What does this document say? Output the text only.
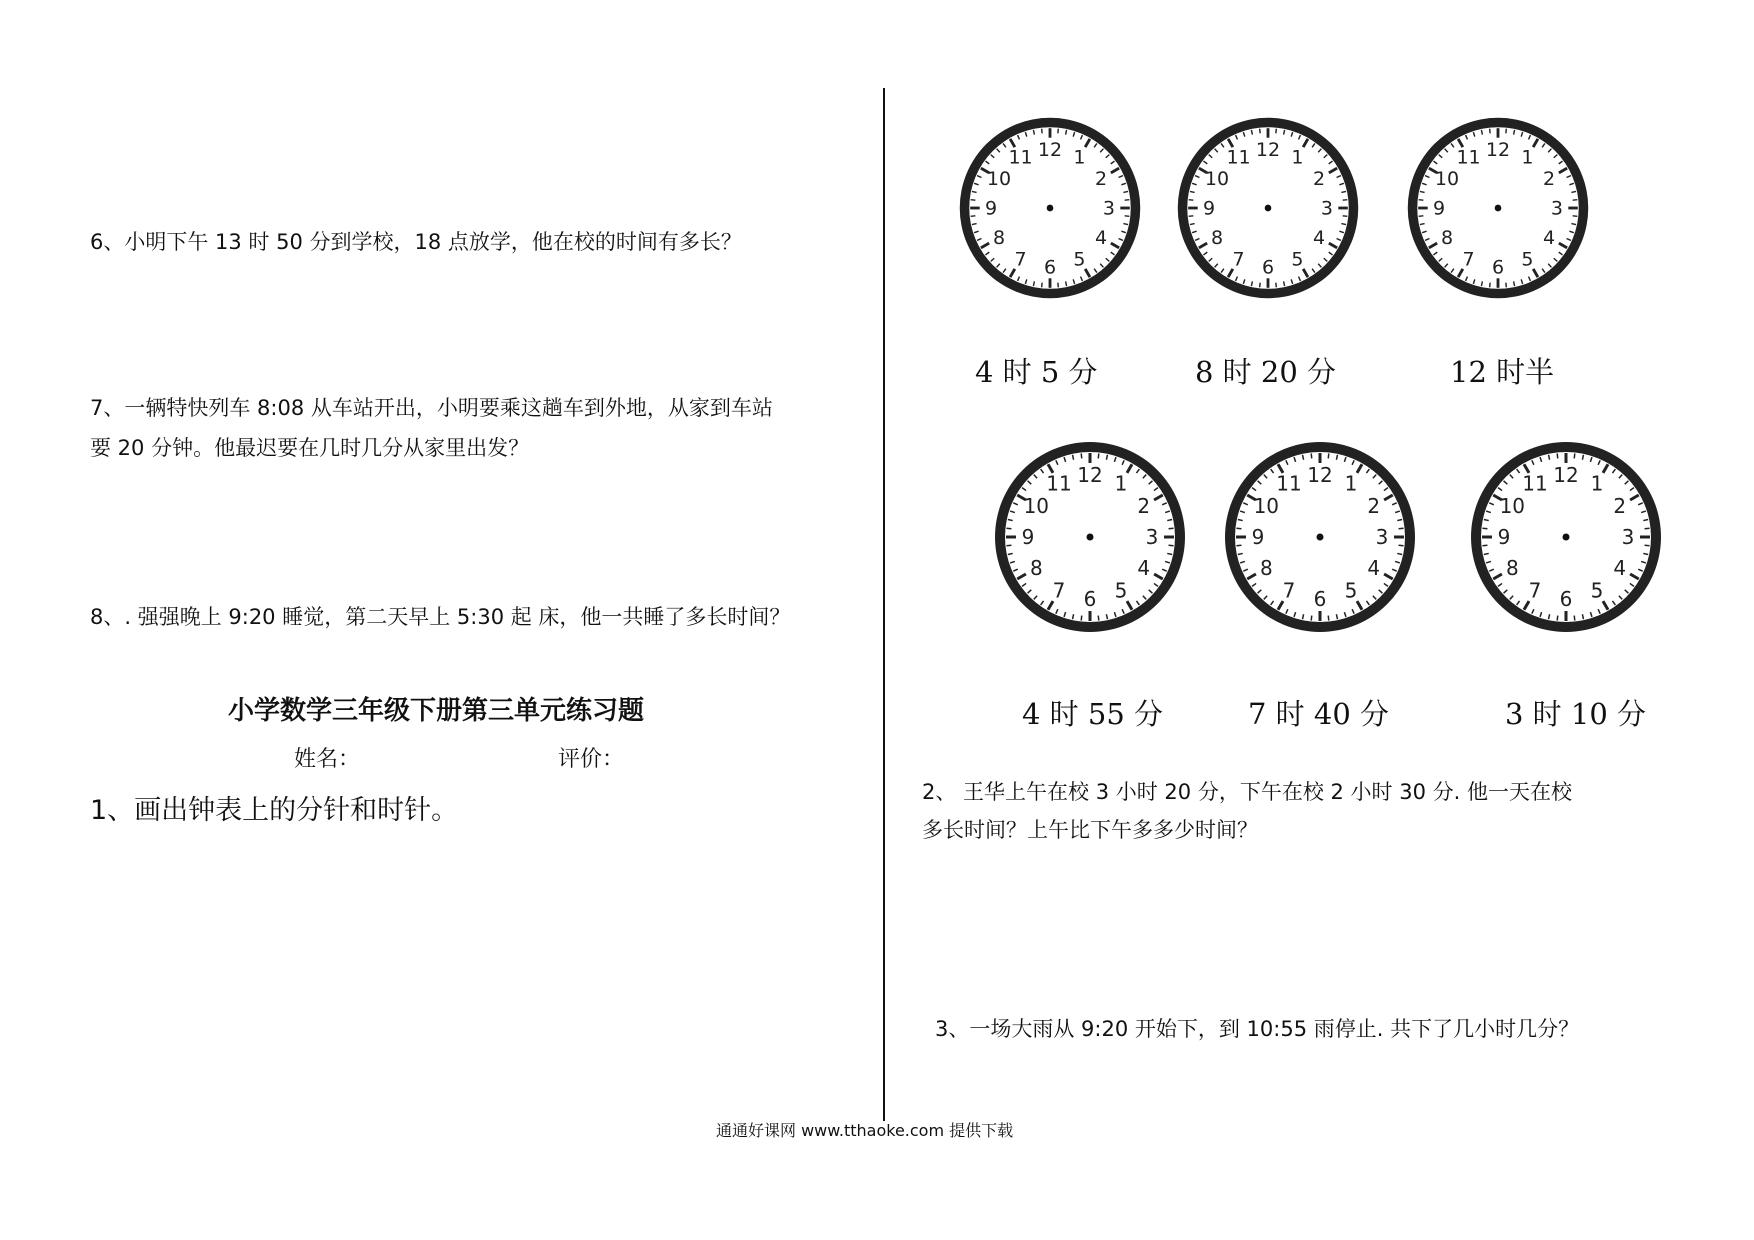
6、小明下午 13 时 50 分到学校，18 点放学，他在校的时间有多长？

7、一辆特快列车 8:08 从车站开出，小明要乘这趟车到外地，从家到车站

要 20 分钟。他最迟要在几时几分从家里出发？

8、. 强强晚上 9:20 睡觉，第二天早上 5:30 起 床，他一共睡了多长时间？

小学数学三年级下册第三单元练习题

姓名：	评价：

1、画出钟表上的分针和时针。

12 1
2
3
4
5
6
7
8
9
10
11	12 1
2
3
4
5
6
7
8
9
10
11	12 1
2
3
4
5
6
7
8
9
10
11

4 时 5 分	8 时 20 分	12 时半

12 1
2
3
4
5
6
7
8
9
10
11	12 1
2
3
4
5
6
7
8
9
10
11	12 1
2
3
4
5
6
7
8
9
10
11

4 时 55 分	7 时 40 分	3 时 10 分

2、 王华上午在校 3 小时 20 分，下午在校 2 小时 30 分. 他一天在校

多长时间？上午比下午多多少时间？

3、一场大雨从 9:20 开始下，到 10:55 雨停止. 共下了几小时几分？

通通好课网 www.tthaoke.com 提供下载
